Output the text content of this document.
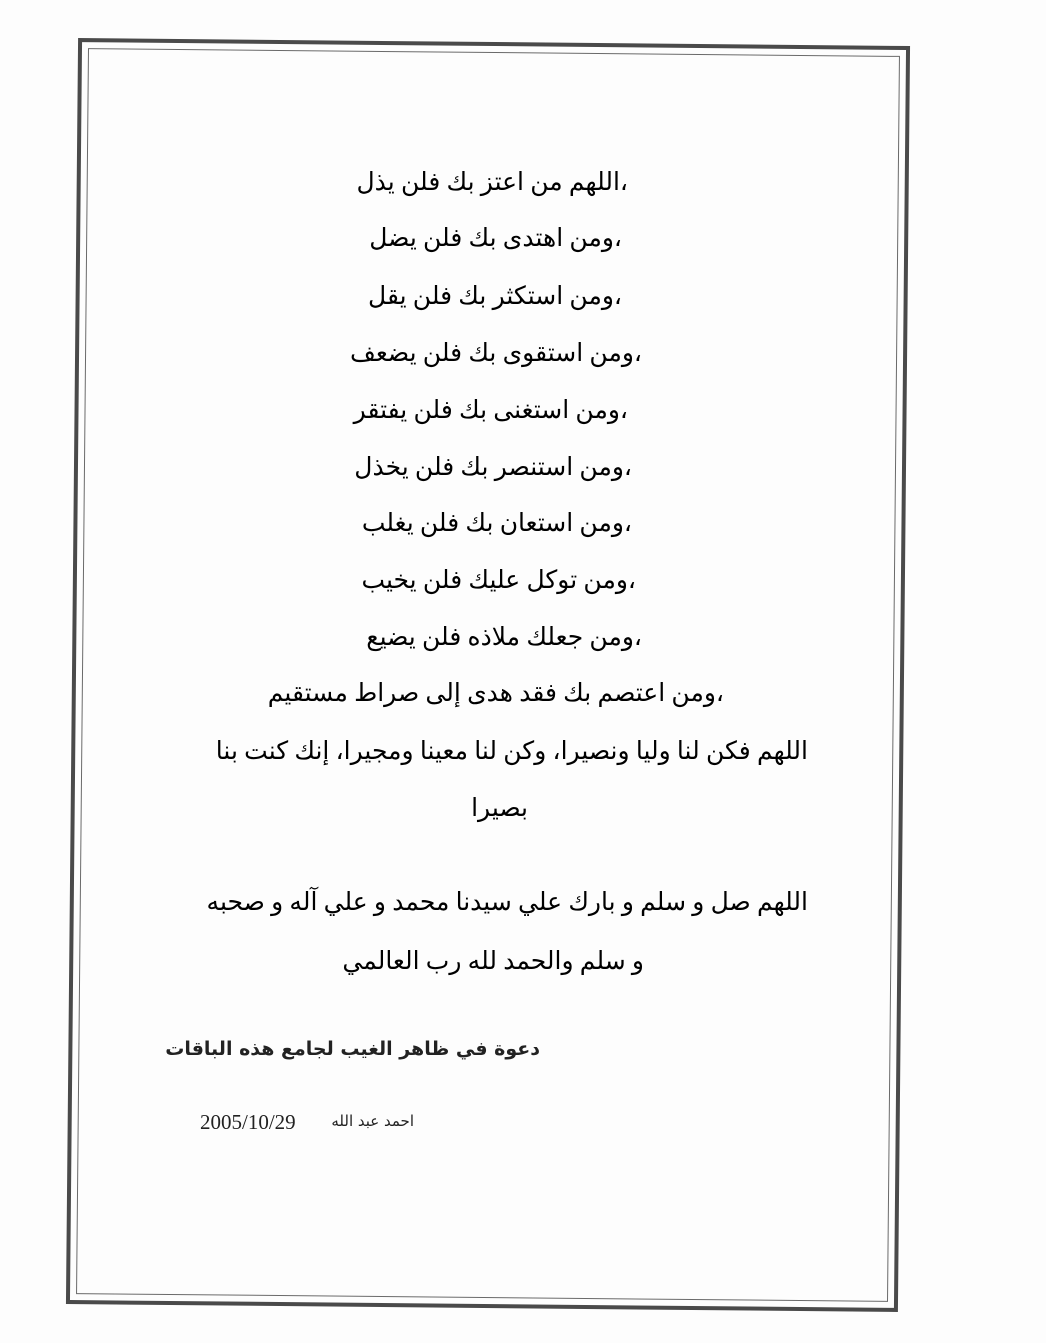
اللهم من اعتز بك فلن يذل،
ومن اهتدى بك فلن يضل،
ومن استكثر بك فلن يقل،
ومن استقوى بك فلن يضعف،
ومن استغنى بك فلن يفتقر،
ومن استنصر بك فلن يخذل،
ومن استعان بك فلن يغلب،
ومن توكل عليك فلن يخيب،
ومن جعلك ملاذه فلن يضيع،
ومن اعتصم بك فقد هدى إلى صراط مستقيم،
اللهم فكن لنا وليا ونصيرا، وكن لنا معينا ومجيرا، إنك كنت بنا
بصيرا
اللهم صل و سلم و بارك علي سيدنا محمد و علي آله و صحبه
و سلم والحمد لله رب العالمي
دعوة في ظاهر الغيب لجامع هذه الباقات
احمد عبد الله
2005/10/29
